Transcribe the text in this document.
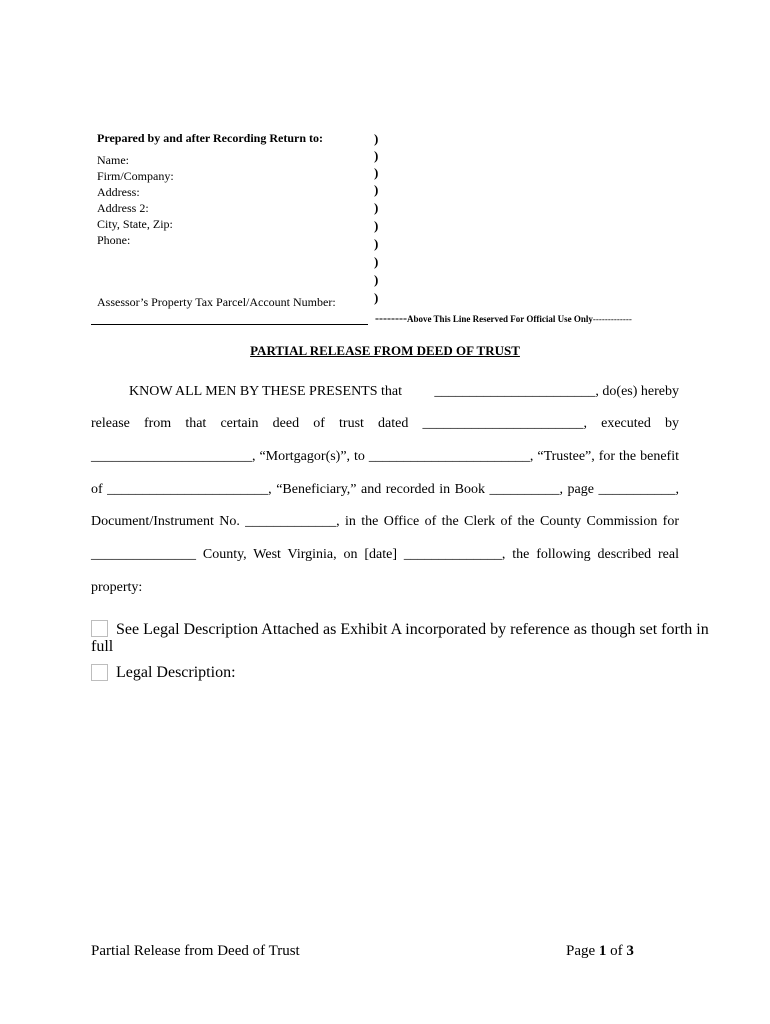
Prepared by and after Recording Return to:
Name:
Firm/Company:
Address:
Address 2:
City, State, Zip:
Phone:
Assessor’s Property Tax Parcel/Account Number:
)
)
)
)
)
)
)
)
)
)
--------Above This Line Reserved For Official Use Only-------------
PARTIAL RELEASE FROM DEED OF TRUST
KNOW ALL MEN BY THESE PRESENTS that _______________________, do(es) hereby
release from that certain deed of trust dated _______________________, executed by
_______________________, “Mortgagor(s)”, to _______________________, “Trustee”, for the benefit
of _______________________, “Beneficiary,” and recorded in Book __________, page ___________,
Document/Instrument No. _____________, in the Office of the Clerk of the County Commission for
_______________ County, West Virginia, on [date] ______________, the following described real
property:
See Legal Description Attached as Exhibit A incorporated by reference as though set forth in
full
Legal Description:
Partial Release from Deed of Trust	Page 1 of 3
